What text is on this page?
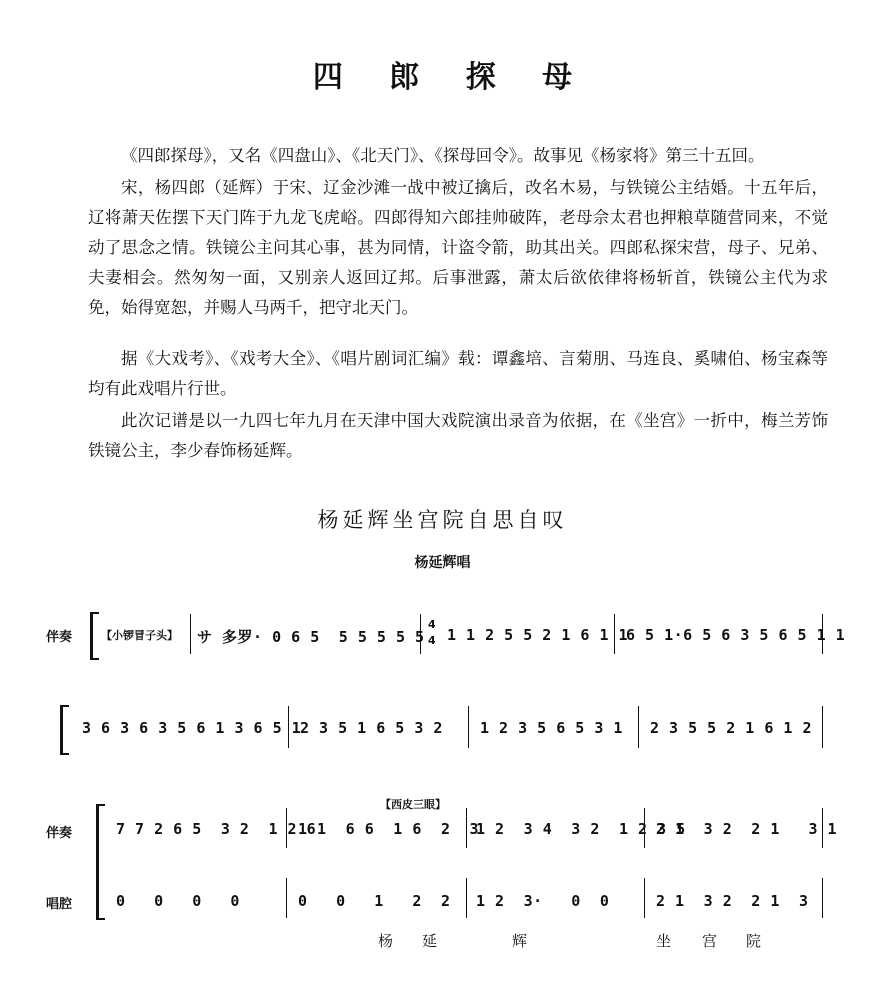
四 郎 探 母

《四郎探母》，又名《四盘山》、《北天门》、《探母回令》。故事见《杨家将》第三十五回。

宋，杨四郎（延辉）于宋、辽金沙滩一战中被辽擒后，改名木易，与铁镜公主结婚。十五年后，辽将萧天佐摆下天门阵于九龙飞虎峪。四郎得知六郎挂帅破阵，老母佘太君也押粮草随营同来，不觉动了思念之情。铁镜公主问其心事，甚为同情，计盗令箭，助其出关。四郎私探宋营，母子、兄弟、夫妻相会。然匆匆一面，又别亲人返回辽邦。后事泄露，萧太后欲依律将杨斩首，铁镜公主代为求免，始得宽恕，并赐人马两千，把守北天门。

据《大戏考》、《戏考大全》、《唱片剧词汇编》载：谭鑫培、言菊朋、马连良、奚啸伯、杨宝森等均有此戏唱片行世。

此次记谱是以一九四七年九月在天津中国大戏院演出录音为依据，在《坐宫》一折中，梅兰芳饰铁镜公主，李少春饰杨延辉。

杨延辉坐宫院自思自叹
杨延辉唱
伴奏	【小锣冒子头】 サ 多罗· 0 6 5  5 5 5 5 5
4
4 1 1 2 5 5 2 1 6 1 1
6 5 1·6 5 6 3 5 6 5 1 1
3 6 3 6 3 5 6 1 3 6 5 1
2 3 5 1 6 5 3 2 1 2 3 5 6 5 3 1 2 3 5 5 2 1 6 1 2
【西皮三眼】
伴奏
唱腔
7 7 2 6 5  3 2  1 2 6
1 1  6 6  1 6  2  3
1 2  3 4  3 2  1 2 3 5
2 1  3 2  2 1   3 1
0   0   0   0	0   0   1   2  2 1 2  3·   0  0	2 1  3 2  2 1  3
杨 延	辉	坐 宫 院
